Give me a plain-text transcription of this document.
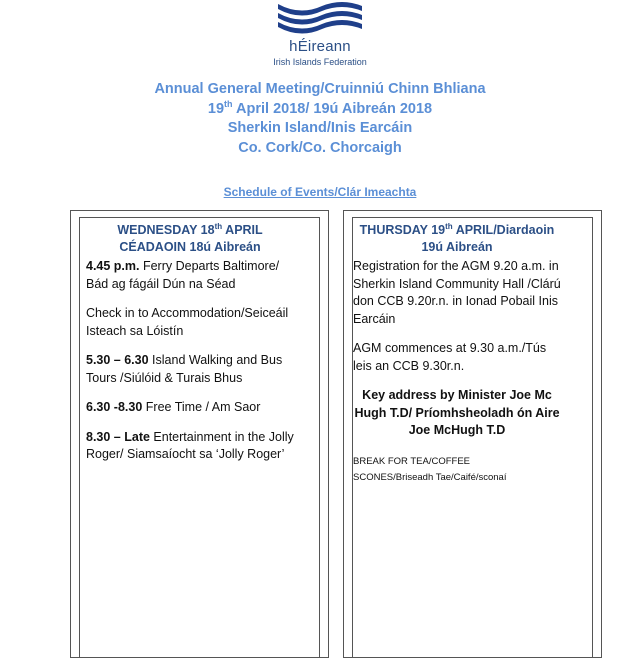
hÉireann
Irish Islands Federation
Annual General Meeting/Cruinniú Chinn Bhliana
19th April 2018/ 19ú Aibreán 2018
Sherkin Island/Inis Earcáin
Co. Cork/Co. Chorcaigh
Schedule of Events/Clár Imeachta
WEDNESDAY 18th APRIL
CÉADAOIN 18ú Aibreán
4.45 p.m. Ferry Departs Baltimore/ Bád ag fágáil Dún na Séad
Check in to Accommodation/Seiceáil Isteach sa Lóistín
5.30 – 6.30 Island Walking and Bus Tours /Siúlóid & Turais Bhus
6.30 -8.30 Free Time / Am Saor
8.30 – Late Entertainment in the Jolly Roger/ Siamsaíocht sa ‘Jolly Roger’
THURSDAY 19th APRIL/Diardaoin
19ú Aibreán
Registration for the AGM 9.20 a.m. in Sherkin Island Community Hall /Clárú don CCB 9.20r.n. in Ionad Pobail Inis Earcáin
AGM commences at 9.30 a.m./Tús leis an CCB 9.30r.n.
Key address by Minister Joe Mc Hugh T.D/ Príomhsheoladh ón Aire Joe McHugh T.D
BREAK FOR TEA/COFFEE
SCONES/Briseadh Tae/Caifé/sconaí
